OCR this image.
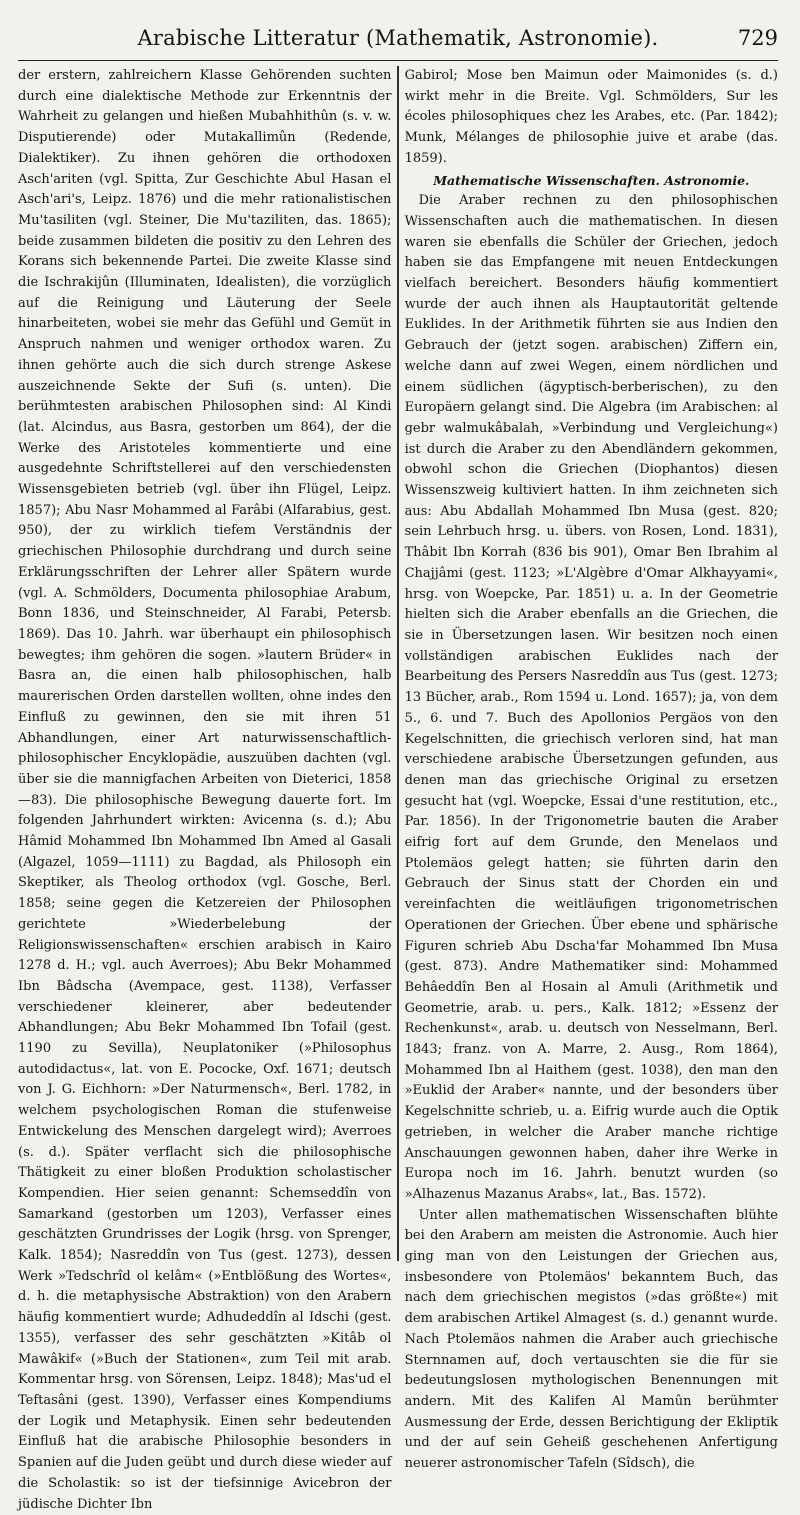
Arabische Litteratur (Mathematik, Astronomie).	729

der erstern, zahlreichern Klasse Gehörenden suchten durch eine dialektische Methode zur Erkenntnis der Wahrheit zu gelangen und hießen Mubahhithûn (s. v. w. Disputierende) oder Mutakallimûn (Redende, Dialektiker). Zu ihnen gehören die orthodoxen Asch'ariten (vgl. Spitta, Zur Geschichte Abul Hasan el Asch'ari's, Leipz. 1876) und die mehr rationalistischen Mu'tasiliten (vgl. Steiner, Die Mu'taziliten, das. 1865); beide zusammen bildeten die positiv zu den Lehren des Korans sich bekennende Partei. Die zweite Klasse sind die Ischrakijûn (Illuminaten, Idealisten), die vorzüglich auf die Reinigung und Läuterung der Seele hinarbeiteten, wobei sie mehr das Gefühl und Gemüt in Anspruch nahmen und weniger orthodox waren. Zu ihnen gehörte auch die sich durch strenge Askese auszeichnende Sekte der Sufi (s. unten). Die berühmtesten arabischen Philosophen sind: Al Kindi (lat. Alcindus, aus Basra, gestorben um 864), der die Werke des Aristoteles kommentierte und eine ausgedehnte Schriftstellerei auf den verschiedensten Wissensgebieten betrieb (vgl. über ihn Flügel, Leipz. 1857); Abu Nasr Mohammed al Farâbi (Alfarabius, gest. 950), der zu wirklich tiefem Verständnis der griechischen Philosophie durchdrang und durch seine Erklärungsschriften der Lehrer aller Spätern wurde (vgl. A. Schmölders, Documenta philosophiae Arabum, Bonn 1836, und Steinschneider, Al Farabi, Petersb. 1869). Das 10. Jahrh. war überhaupt ein philosophisch bewegtes; ihm gehören die sogen. »lautern Brüder« in Basra an, die einen halb philosophischen, halb maurerischen Orden darstellen wollten, ohne indes den Einfluß zu gewinnen, den sie mit ihren 51 Abhandlungen, einer Art naturwissenschaftlich-philosophischer Encyklopädie, auszuüben dachten (vgl. über sie die mannigfachen Arbeiten von Dieterici, 1858—83). Die philosophische Bewegung dauerte fort. Im folgenden Jahrhundert wirkten: Avicenna (s. d.); Abu Hâmid Mohammed Ibn Mohammed Ibn Amed al Gasali (Algazel, 1059—1111) zu Bagdad, als Philosoph ein Skeptiker, als Theolog orthodox (vgl. Gosche, Berl. 1858; seine gegen die Ketzereien der Philosophen gerichtete »Wiederbelebung der Religionswissenschaften« erschien arabisch in Kairo 1278 d. H.; vgl. auch Averroes); Abu Bekr Mohammed Ibn Bâdscha (Avempace, gest. 1138), Verfasser verschiedener kleinerer, aber bedeutender Abhandlungen; Abu Bekr Mohammed Ibn Tofail (gest. 1190 zu Sevilla), Neuplatoniker (»Philosophus autodidactus«, lat. von E. Pococke, Oxf. 1671; deutsch von J. G. Eichhorn: »Der Naturmensch«, Berl. 1782, in welchem psychologischen Roman die stufenweise Entwickelung des Menschen dargelegt wird); Averroes (s. d.). Später verflacht sich die philosophische Thätigkeit zu einer bloßen Produktion scholastischer Kompendien. Hier seien genannt: Schemseddîn von Samarkand (gestorben um 1203), Verfasser eines geschätzten Grundrisses der Logik (hrsg. von Sprenger, Kalk. 1854); Nasreddîn von Tus (gest. 1273), dessen Werk »Tedschrîd ol kelâm« (»Entblößung des Wortes«, d. h. die metaphysische Abstraktion) von den Arabern häufig kommentiert wurde; Adhudeddîn al Idschi (gest. 1355), verfasser des sehr geschätzten »Kitâb ol Mawâkif« (»Buch der Stationen«, zum Teil mit arab. Kommentar hrsg. von Sörensen, Leipz. 1848); Mas'ud el Teftasâni (gest. 1390), Verfasser eines Kompendiums der Logik und Metaphysik. Einen sehr bedeutenden Einfluß hat die arabische Philosophie besonders in Spanien auf die Juden geübt und durch diese wieder auf die Scholastik: so ist der tiefsinnige Avicebron der jüdische Dichter Ibn

Gabirol; Mose ben Maimun oder Maimonides (s. d.) wirkt mehr in die Breite. Vgl. Schmölders, Sur les écoles philosophiques chez les Arabes, etc. (Par. 1842); Munk, Mélanges de philosophie juive et arabe (das. 1859).

Mathematische Wissenschaften. Astronomie.

Die Araber rechnen zu den philosophischen Wissenschaften auch die mathematischen. In diesen waren sie ebenfalls die Schüler der Griechen, jedoch haben sie das Empfangene mit neuen Entdeckungen vielfach bereichert. Besonders häufig kommentiert wurde der auch ihnen als Hauptautorität geltende Euklides. In der Arithmetik führten sie aus Indien den Gebrauch der (jetzt sogen. arabischen) Ziffern ein, welche dann auf zwei Wegen, einem nördlichen und einem südlichen (ägyptisch-berberischen), zu den Europäern gelangt sind. Die Algebra (im Arabischen: al gebr walmukâbalah, »Verbindung und Vergleichung«) ist durch die Araber zu den Abendländern gekommen, obwohl schon die Griechen (Diophantos) diesen Wissenszweig kultiviert hatten. In ihm zeichneten sich aus: Abu Abdallah Mohammed Ibn Musa (gest. 820; sein Lehrbuch hrsg. u. übers. von Rosen, Lond. 1831), Thâbit Ibn Korrah (836 bis 901), Omar Ben Ibrahim al Chajjâmi (gest. 1123; »L'Algèbre d'Omar Alkhayyami«, hrsg. von Woepcke, Par. 1851) u. a. In der Geometrie hielten sich die Araber ebenfalls an die Griechen, die sie in Übersetzungen lasen. Wir besitzen noch einen vollständigen arabischen Euklides nach der Bearbeitung des Persers Nasreddîn aus Tus (gest. 1273; 13 Bücher, arab., Rom 1594 u. Lond. 1657); ja, von dem 5., 6. und 7. Buch des Apollonios Pergäos von den Kegelschnitten, die griechisch verloren sind, hat man verschiedene arabische Übersetzungen gefunden, aus denen man das griechische Original zu ersetzen gesucht hat (vgl. Woepcke, Essai d'une restitution, etc., Par. 1856). In der Trigonometrie bauten die Araber eifrig fort auf dem Grunde, den Menelaos und Ptolemäos gelegt hatten; sie führten darin den Gebrauch der Sinus statt der Chorden ein und vereinfachten die weitläufigen trigonometrischen Operationen der Griechen. Über ebene und sphärische Figuren schrieb Abu Dscha'far Mohammed Ibn Musa (gest. 873). Andre Mathematiker sind: Mohammed Behâeddîn Ben al Hosain al Amuli (Arithmetik und Geometrie, arab. u. pers., Kalk. 1812; »Essenz der Rechenkunst«, arab. u. deutsch von Nesselmann, Berl. 1843; franz. von A. Marre, 2. Ausg., Rom 1864), Mohammed Ibn al Haithem (gest. 1038), den man den »Euklid der Araber« nannte, und der besonders über Kegelschnitte schrieb, u. a. Eifrig wurde auch die Optik getrieben, in welcher die Araber manche richtige Anschauungen gewonnen haben, daher ihre Werke in Europa noch im 16. Jahrh. benutzt wurden (so »Alhazenus Mazanus Arabs«, lat., Bas. 1572).

Unter allen mathematischen Wissenschaften blühte bei den Arabern am meisten die Astronomie. Auch hier ging man von den Leistungen der Griechen aus, insbesondere von Ptolemäos' bekanntem Buch, das nach dem griechischen megistos (»das größte«) mit dem arabischen Artikel Almagest (s. d.) genannt wurde. Nach Ptolemäos nahmen die Araber auch griechische Sternnamen auf, doch vertauschten sie die für sie bedeutungslosen mythologischen Benennungen mit andern. Mit des Kalifen Al Mamûn berühmter Ausmessung der Erde, dessen Berichtigung der Ekliptik und der auf sein Geheiß geschehenen Anfertigung neuerer astronomischer Tafeln (Sîdsch), die
